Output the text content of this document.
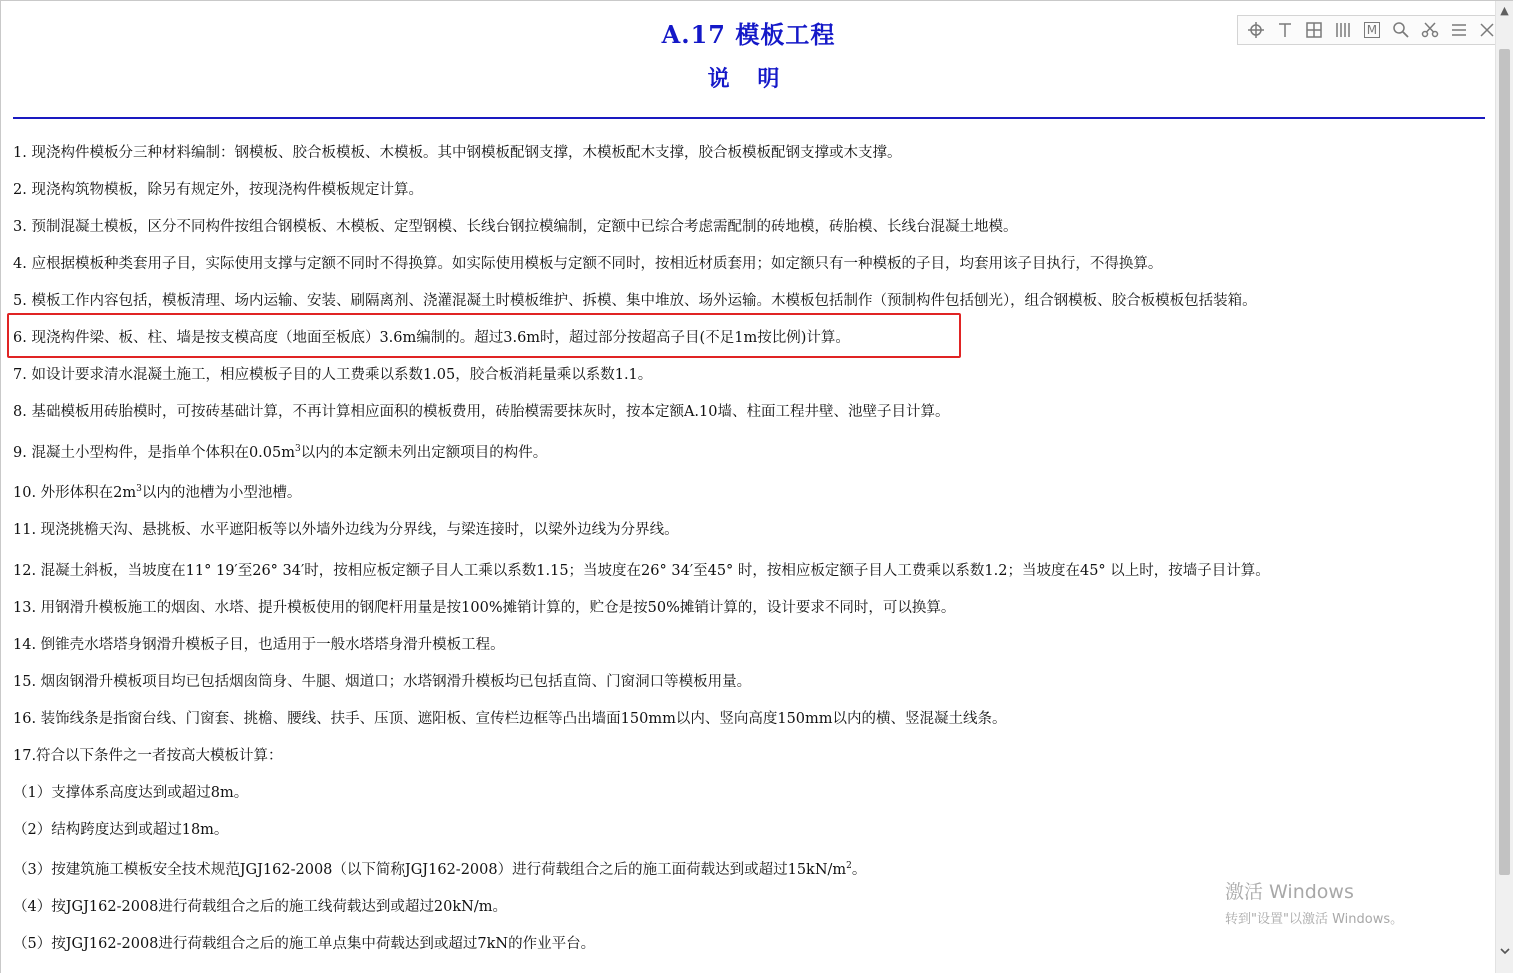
A.17 模板工程
说 明
M
1. 现浇构件模板分三种材料编制：钢模板、胶合板模板、木模板。其中钢模板配钢支撑，木模板配木支撑，胶合板模板配钢支撑或木支撑。
2. 现浇构筑物模板，除另有规定外，按现浇构件模板规定计算。
3. 预制混凝土模板，区分不同构件按组合钢模板、木模板、定型钢模、长线台钢拉模编制，定额中已综合考虑需配制的砖地模，砖胎模、长线台混凝土地模。
4. 应根据模板种类套用子目，实际使用支撑与定额不同时不得换算。如实际使用模板与定额不同时，按相近材质套用；如定额只有一种模板的子目，均套用该子目执行，不得换算。
5. 模板工作内容包括，模板清理、场内运输、安装、刷隔离剂、浇灌混凝土时模板维护、拆模、集中堆放、场外运输。木模板包括制作（预制构件包括刨光），组合钢模板、胶合板模板包括装箱。
6. 现浇构件梁、板、柱、墙是按支模高度（地面至板底）3.6m编制的。超过3.6m时，超过部分按超高子目(不足1m按比例)计算。
7. 如设计要求清水混凝土施工，相应模板子目的人工费乘以系数1.05，胶合板消耗量乘以系数1.1。
8. 基础模板用砖胎模时，可按砖基础计算，不再计算相应面积的模板费用，砖胎模需要抹灰时，按本定额A.10墙、柱面工程井壁、池壁子目计算。
9. 混凝土小型构件，是指单个体积在$0.05m^3$以内的本定额未列出定额项目的构件。
10. 外形体积在$2m^3$以内的池槽为小型池槽。
11. 现浇挑檐天沟、悬挑板、水平遮阳板等以外墙外边线为分界线，与梁连接时，以梁外边线为分界线。
12. 混凝土斜板，当坡度在11° 19′至26° 34′时，按相应板定额子目人工乘以系数1.15；当坡度在26° 34′至45° 时，按相应板定额子目人工费乘以系数1.2；当坡度在45° 以上时，按墙子目计算。
13. 用钢滑升模板施工的烟囱、水塔、提升模板使用的钢爬杆用量是按100%摊销计算的，贮仓是按50%摊销计算的，设计要求不同时，可以换算。
14. 倒锥壳水塔塔身钢滑升模板子目，也适用于一般水塔塔身滑升模板工程。
15. 烟囱钢滑升模板项目均已包括烟囱筒身、牛腿、烟道口；水塔钢滑升模板均已包括直筒、门窗洞口等模板用量。
16. 装饰线条是指窗台线、门窗套、挑檐、腰线、扶手、压顶、遮阳板、宣传栏边框等凸出墙面150mm以内、竖向高度150mm以内的横、竖混凝土线条。
17.符合以下条件之一者按高大模板计算：
（1）支撑体系高度达到或超过8m。
（2）结构跨度达到或超过18m。
（3）按建筑施工模板安全技术规范JGJ162-2008（以下简称JGJ162-2008）进行荷载组合之后的施工面荷载达到或超过$15kN/m^2$。
（4）按JGJ162-2008进行荷载组合之后的施工线荷载达到或超过20kN/m。
（5）按JGJ162-2008进行荷载组合之后的施工单点集中荷载达到或超过7kN的作业平台。
激活 Windows
转到"设置"以激活 Windows。
▲
